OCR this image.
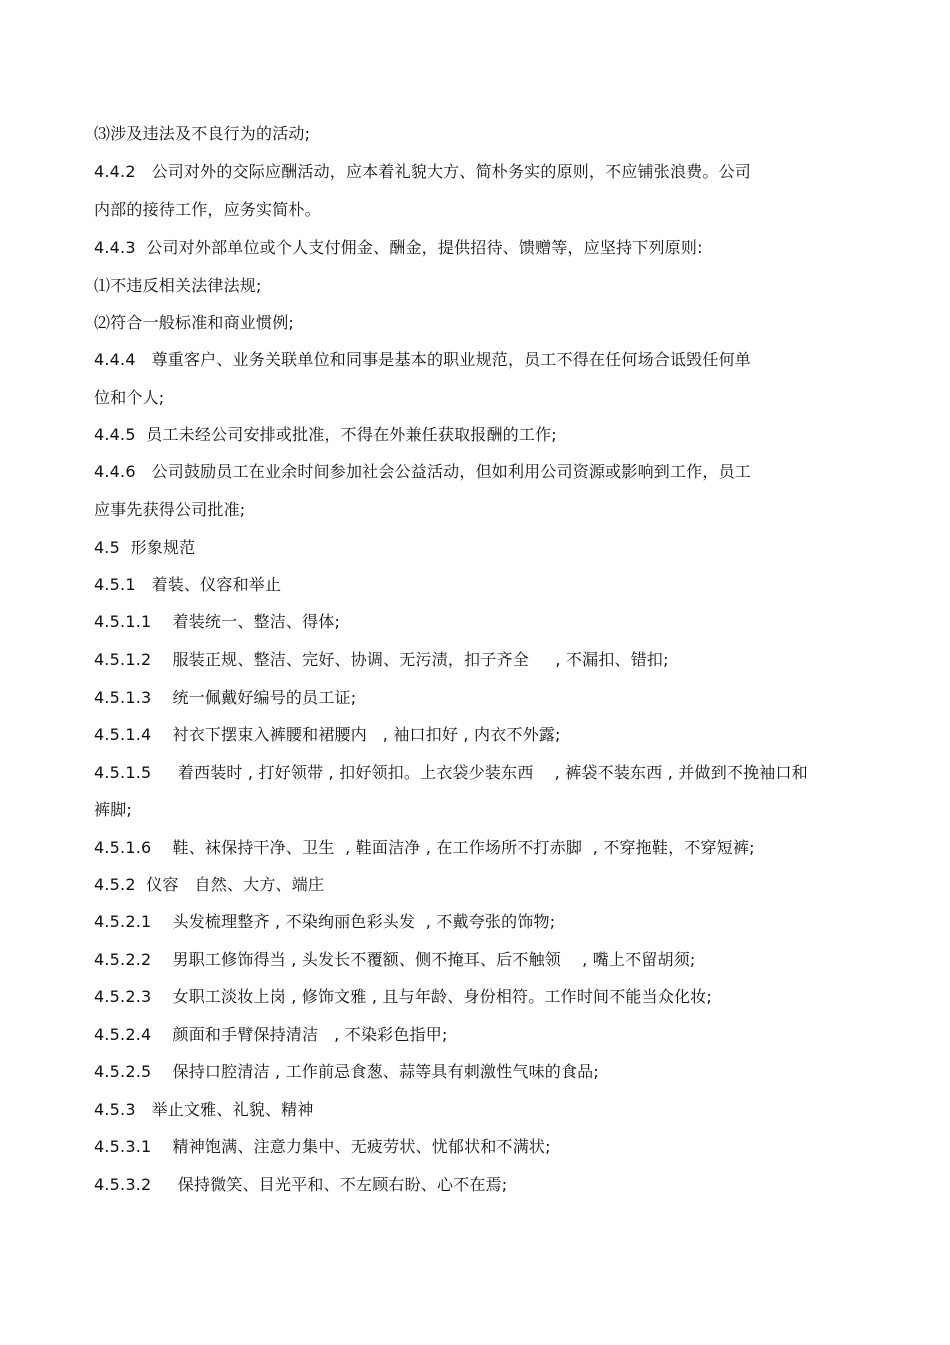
⑶涉及违法及不良行为的活动;
4.4.2   公司对外的交际应酬活动，应本着礼貌大方、简朴务实的原则，不应铺张浪费。公司
内部的接待工作，应务实简朴。
4.4.3  公司对外部单位或个人支付佣金、酬金，提供招待、馈赠等，应坚持下列原则:
⑴不违反相关法律法规;
⑵符合一般标准和商业惯例;
4.4.4   尊重客户、业务关联单位和同事是基本的职业规范，员工不得在任何场合诋毁任何单
位和个人;
4.4.5  员工未经公司安排或批准，不得在外兼任获取报酬的工作;
4.4.6   公司鼓励员工在业余时间参加社会公益活动，但如利用公司资源或影响到工作，员工
应事先获得公司批准;
4.5  形象规范
4.5.1   着装、仪容和举止
4.5.1.1    着装统一、整洁、得体;
4.5.1.2    服装正规、整洁、完好、协调、无污渍，扣子齐全     , 不漏扣、错扣;
4.5.1.3    统一佩戴好编号的员工证;
4.5.1.4    衬衣下摆束入裤腰和裙腰内   , 袖口扣好 , 内衣不外露;
4.5.1.5     着西装时 , 打好领带 , 扣好领扣。上衣袋少装东西    , 裤袋不装东西 , 并做到不挽袖口和
裤脚;
4.5.1.6    鞋、袜保持干净、卫生  , 鞋面洁净 , 在工作场所不打赤脚  , 不穿拖鞋，不穿短裤;
4.5.2  仪容   自然、大方、端庄
4.5.2.1    头发梳理整齐 , 不染绚丽色彩头发  , 不戴夸张的饰物;
4.5.2.2    男职工修饰得当 , 头发长不覆额、侧不掩耳、后不触领    , 嘴上不留胡须;
4.5.2.3    女职工淡妆上岗 , 修饰文雅 , 且与年龄、身份相符。工作时间不能当众化妆;
4.5.2.4    颜面和手臂保持清洁   , 不染彩色指甲;
4.5.2.5    保持口腔清洁 , 工作前忌食葱、蒜等具有刺激性气味的食品;
4.5.3   举止文雅、礼貌、精神
4.5.3.1    精神饱满、注意力集中、无疲劳状、忧郁状和不满状;
4.5.3.2     保持微笑、目光平和、不左顾右盼、心不在焉;
